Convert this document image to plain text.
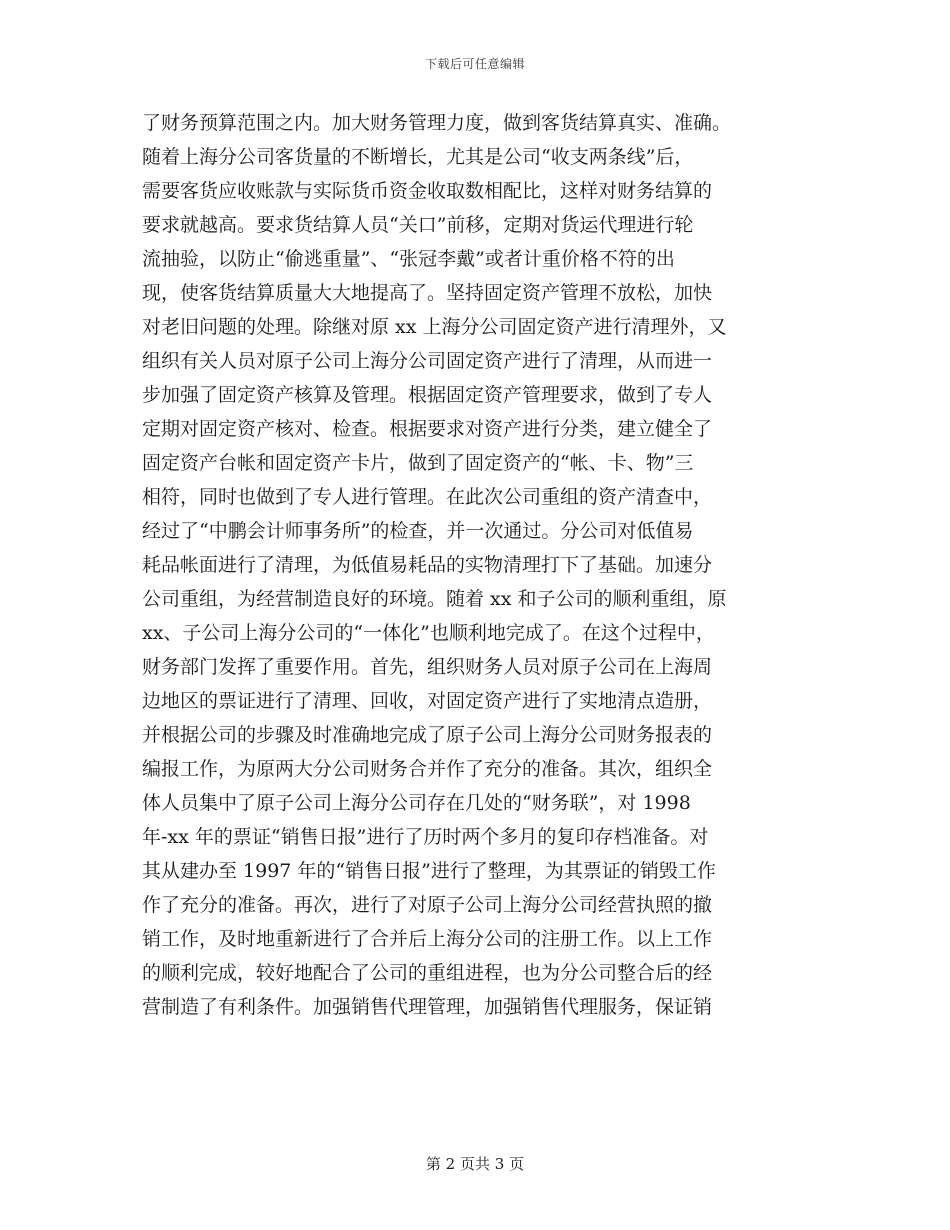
下载后可任意编辑
了财务预算范围之内。加大财务管理力度，做到客货结算真实、准确。
随着上海分公司客货量的不断增长，尤其是公司“收支两条线”后，
需要客货应收账款与实际货币资金收取数相配比，这样对财务结算的
要求就越高。要求货结算人员“关口”前移，定期对货运代理进行轮
流抽验，以防止“偷逃重量”、“张冠李戴”或者计重价格不符的出
现，使客货结算质量大大地提高了。坚持固定资产管理不放松，加快
对老旧问题的处理。除继对原 xx 上海分公司固定资产进行清理外，又
组织有关人员对原子公司上海分公司固定资产进行了清理，从而进一
步加强了固定资产核算及管理。根据固定资产管理要求，做到了专人
定期对固定资产核对、检查。根据要求对资产进行分类，建立健全了
固定资产台帐和固定资产卡片，做到了固定资产的“帐、卡、物”三
相符，同时也做到了专人进行管理。在此次公司重组的资产清查中，
经过了“中鹏会计师事务所”的检查，并一次通过。分公司对低值易
耗品帐面进行了清理，为低值易耗品的实物清理打下了基础。加速分
公司重组，为经营制造良好的环境。随着 xx 和子公司的顺利重组，原
xx、子公司上海分公司的“一体化”也顺利地完成了。在这个过程中，
财务部门发挥了重要作用。首先，组织财务人员对原子公司在上海周
边地区的票证进行了清理、回收，对固定资产进行了实地清点造册，
并根据公司的步骤及时准确地完成了原子公司上海分公司财务报表的
编报工作，为原两大分公司财务合并作了充分的准备。其次，组织全
体人员集中了原子公司上海分公司存在几处的“财务联”，对 1998
年-xx 年的票证“销售日报”进行了历时两个多月的复印存档准备。对
其从建办至 1997 年的“销售日报”进行了整理，为其票证的销毁工作
作了充分的准备。再次，进行了对原子公司上海分公司经营执照的撤
销工作，及时地重新进行了合并后上海分公司的注册工作。以上工作
的顺利完成，较好地配合了公司的重组进程，也为分公司整合后的经
营制造了有利条件。加强销售代理管理，加强销售代理服务，保证销
第 2 页共 3 页
